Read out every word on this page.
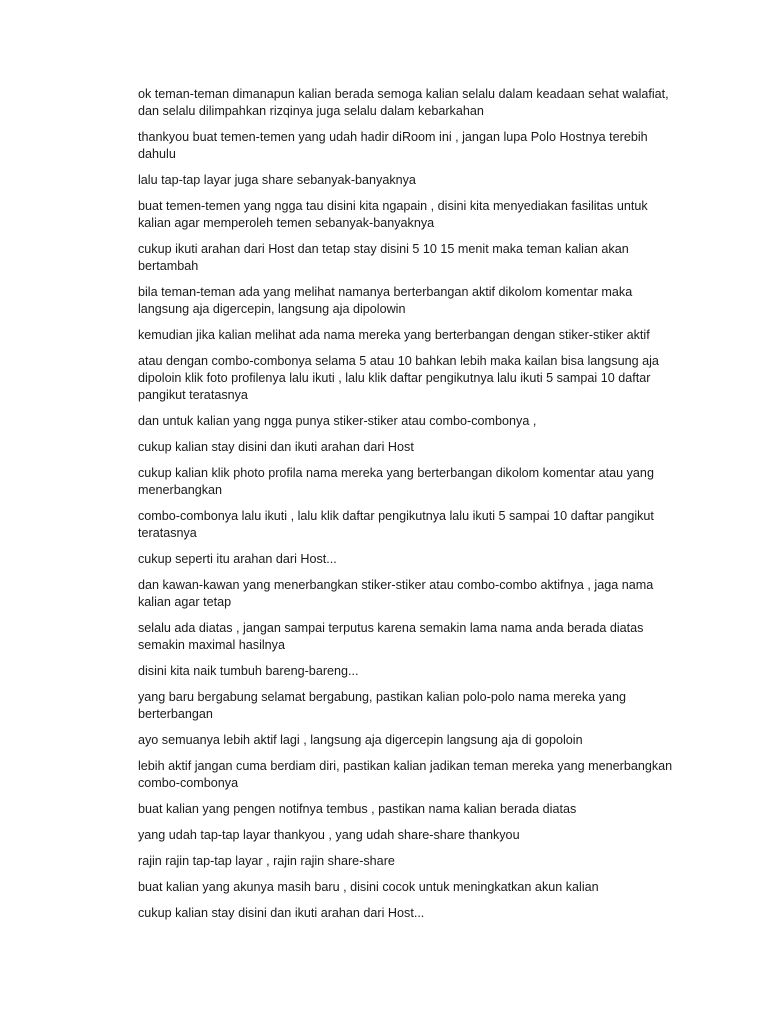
ok teman-teman dimanapun kalian berada semoga kalian selalu dalam keadaan sehat walafiat, dan selalu dilimpahkan rizqinya juga selalu dalam kebarkahan

thankyou buat temen-temen yang udah hadir diRoom ini , jangan lupa Polo Hostnya terebih dahulu

lalu tap-tap layar juga share sebanyak-banyaknya

buat temen-temen yang ngga tau disini kita ngapain , disini kita menyediakan fasilitas untuk kalian agar memperoleh temen sebanyak-banyaknya

cukup ikuti arahan dari Host dan tetap stay disini 5 10 15 menit maka teman kalian akan bertambah

bila teman-teman ada yang melihat namanya berterbangan aktif dikolom komentar maka langsung aja digercepin, langsung aja dipolowin

kemudian jika kalian melihat ada nama mereka yang berterbangan dengan stiker-stiker aktif

atau dengan combo-combonya selama 5 atau 10 bahkan lebih maka kailan bisa langsung aja dipoloin klik foto profilenya lalu ikuti , lalu klik daftar pengikutnya lalu ikuti 5 sampai 10 daftar pangikut teratasnya

dan untuk kalian yang ngga punya stiker-stiker atau combo-combonya ,

cukup kalian stay disini dan ikuti arahan dari Host

cukup kalian klik photo profila nama mereka yang berterbangan dikolom komentar atau yang menerbangkan

combo-combonya lalu ikuti , lalu klik daftar pengikutnya lalu ikuti 5 sampai 10 daftar pangikut teratasnya

cukup seperti itu arahan dari Host...

dan kawan-kawan yang menerbangkan stiker-stiker atau combo-combo aktifnya , jaga nama kalian agar tetap

selalu ada diatas , jangan sampai terputus karena semakin lama nama anda berada diatas semakin maximal hasilnya

disini kita naik tumbuh bareng-bareng...

yang baru bergabung selamat bergabung, pastikan kalian polo-polo nama mereka yang berterbangan

ayo semuanya lebih aktif lagi , langsung aja digercepin langsung aja di gopoloin

lebih aktif jangan cuma berdiam diri, pastikan kalian jadikan teman mereka yang menerbangkan combo-combonya

buat kalian yang pengen notifnya tembus , pastikan nama kalian berada diatas

yang udah tap-tap layar thankyou , yang udah share-share thankyou

rajin rajin tap-tap layar , rajin rajin share-share

buat kalian yang akunya masih baru , disini cocok untuk meningkatkan akun kalian

cukup kalian stay disini dan ikuti arahan dari Host...
